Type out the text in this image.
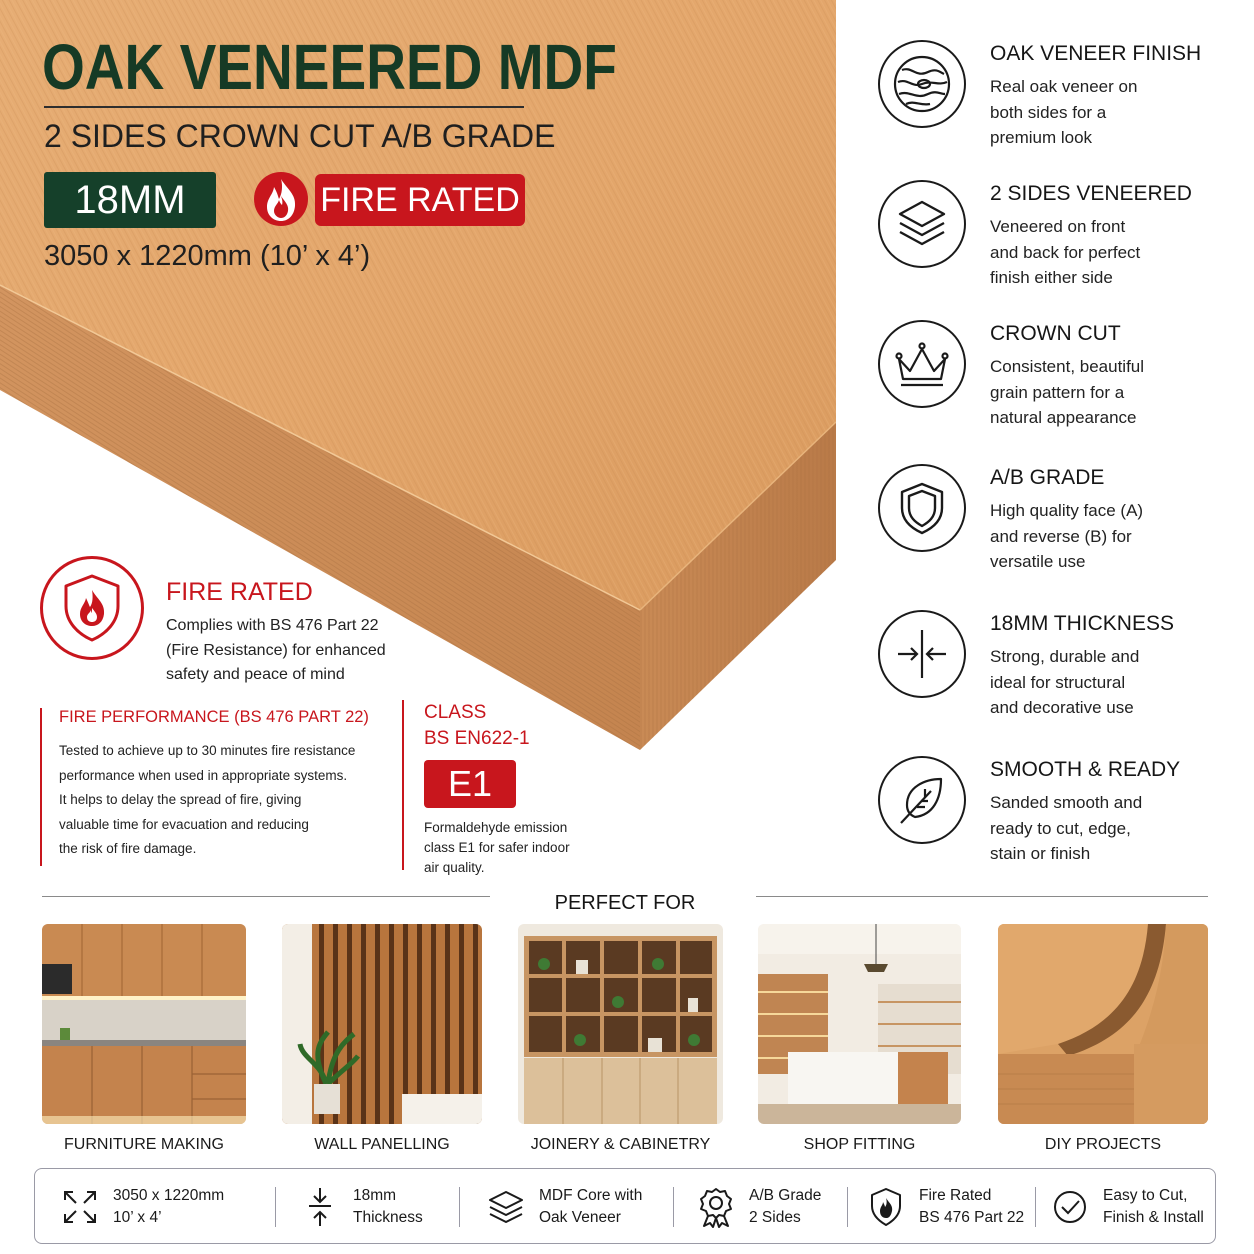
OAK VENEERED MDF
2 SIDES CROWN CUT A/B GRADE
18MM	FIRE RATED
3050 x 1220mm (10’ x 4’)
OAK VENEER FINISH
Real oak veneer on
both sides for a
premium look
2 SIDES VENEERED
Veneered on front
and back for perfect
finish either side
CROWN CUT
Consistent, beautiful
grain pattern for a
natural appearance
A/B GRADE
High quality face (A)
and reverse (B) for
versatile use
18MM THICKNESS
Strong, durable and
ideal for structural
and decorative use
SMOOTH & READY
Sanded smooth and
ready to cut, edge,
stain or finish
FIRE RATED
Complies with BS 476 Part 22
(Fire Resistance) for enhanced
safety and peace of mind
FIRE PERFORMANCE (BS 476 PART 22)
Tested to achieve up to 30 minutes fire resistance
performance when used in appropriate systems.
It helps to delay the spread of fire, giving
valuable time for evacuation and reducing
the risk of fire damage.
CLASS
BS EN622-1
E1
Formaldehyde emission
class E1 for safer indoor
air quality.
PERFECT FOR
FURNITURE MAKING	WALL PANELLING	JOINERY & CABINETRY	SHOP FITTING	DIY PROJECTS
3050 x 1220mm
10’ x 4’
18mm
Thickness
MDF Core with
Oak Veneer
A/B Grade
2 Sides
Fire Rated
BS 476 Part 22
Easy to Cut,
Finish & Install
